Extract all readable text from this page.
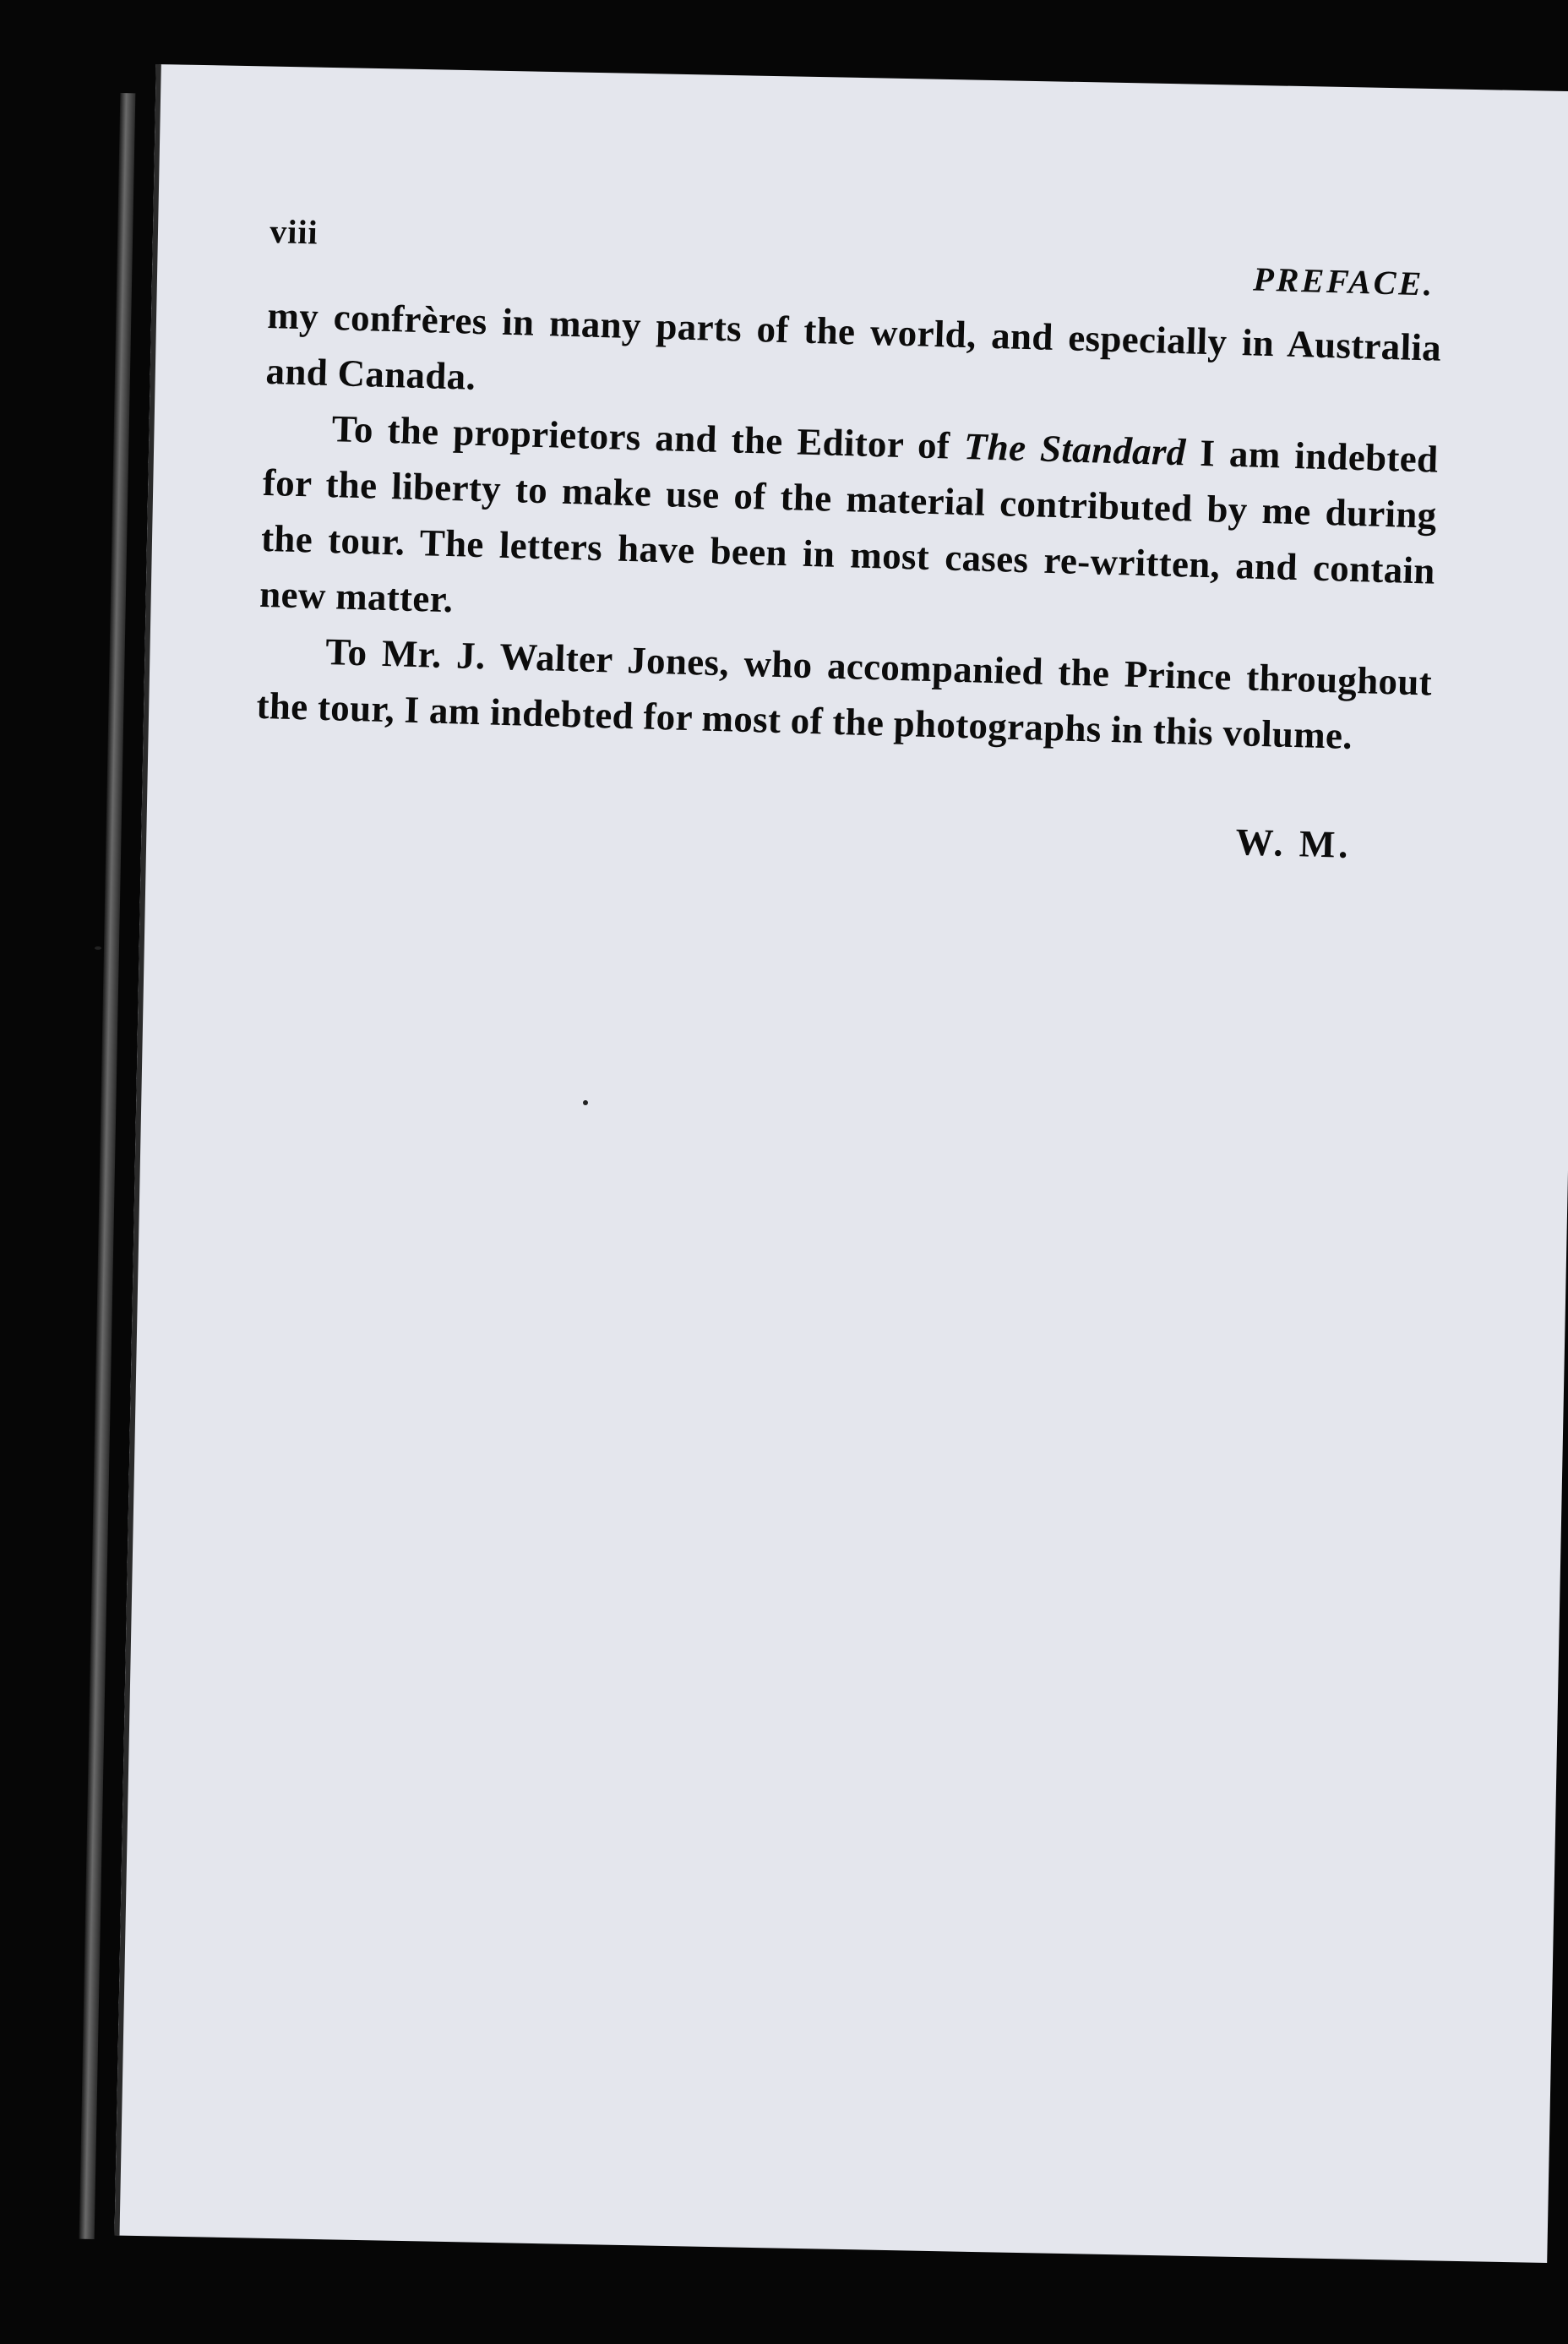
viii
PREFACE.

my confrères in many parts of the world, and especially in Australia and Canada.

To the proprietors and the Editor of The Standard I am indebted for the liberty to make use of the material contributed by me during the tour. The letters have been in most cases re-written, and contain new matter.

To Mr. J. Walter Jones, who accompanied the Prince throughout the tour, I am indebted for most of the photographs in this volume.

W. M.
